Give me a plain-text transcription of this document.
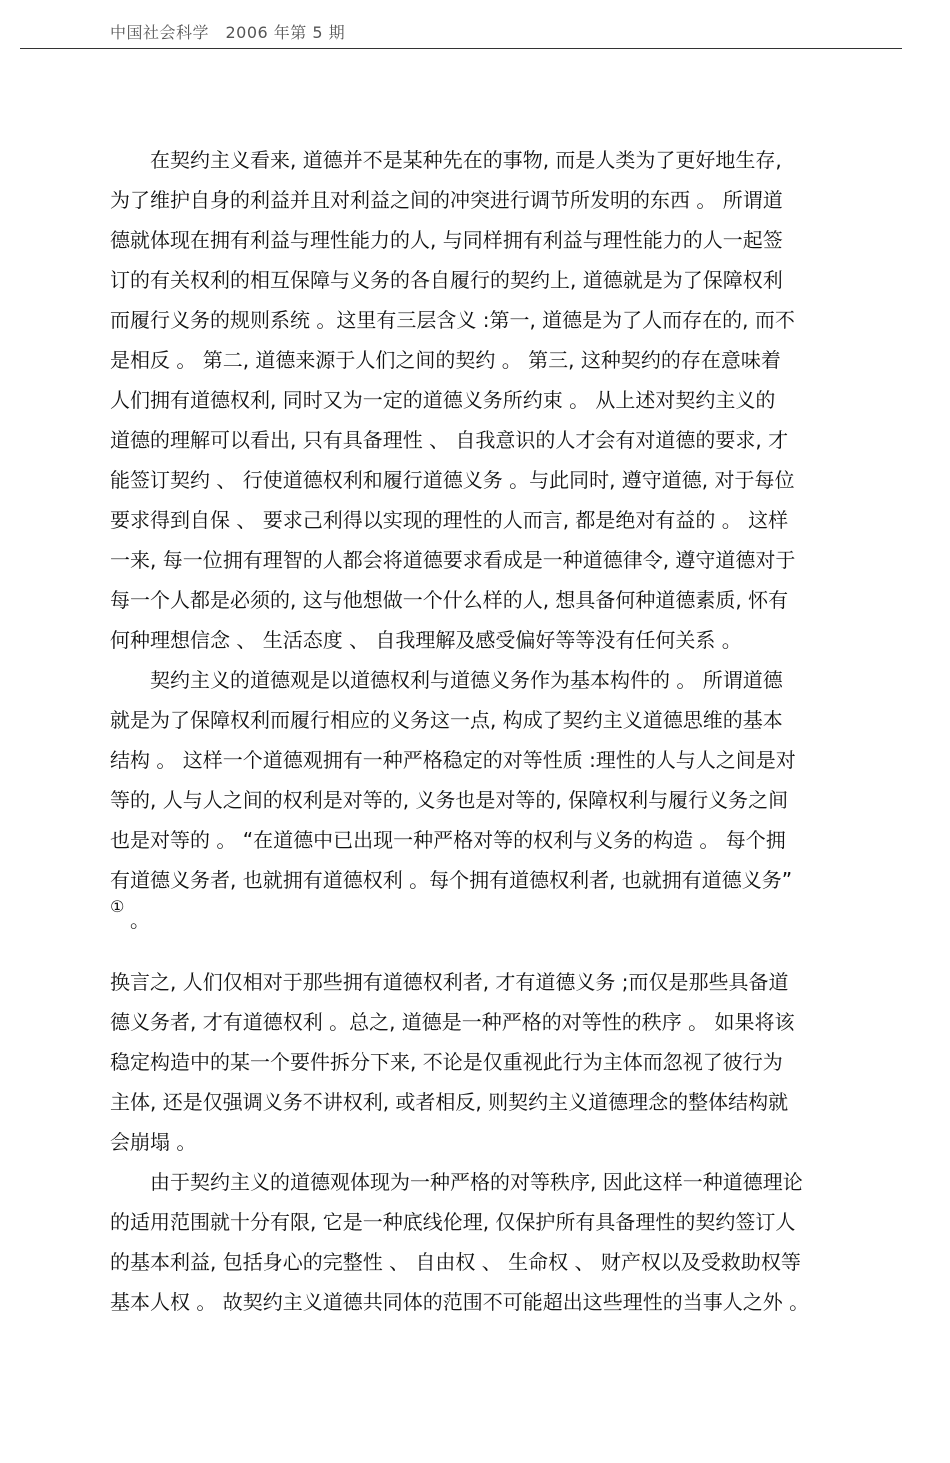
中国社会科学　2006 年第 5 期
在契约主义看来, 道德并不是某种先在的事物, 而是人类为了更好地生存,
为了维护自身的利益并且对利益之间的冲突进行调节所发明的东西 。 所谓道
德就体现在拥有利益与理性能力的人, 与同样拥有利益与理性能力的人一起签
订的有关权利的相互保障与义务的各自履行的契约上, 道德就是为了保障权利
而履行义务的规则系统 。这里有三层含义 :第一, 道德是为了人而存在的, 而不
是相反 。 第二, 道德来源于人们之间的契约 。 第三, 这种契约的存在意味着
人们拥有道德权利, 同时又为一定的道德义务所约束 。 从上述对契约主义的
道德的理解可以看出, 只有具备理性 、 自我意识的人才会有对道德的要求, 才
能签订契约 、 行使道德权利和履行道德义务 。与此同时, 遵守道德, 对于每位
要求得到自保 、 要求己利得以实现的理性的人而言, 都是绝对有益的 。 这样
一来, 每一位拥有理智的人都会将道德要求看成是一种道德律令, 遵守道德对于
每一个人都是必须的, 这与他想做一个什么样的人, 想具备何种道德素质, 怀有
何种理想信念 、 生活态度 、 自我理解及感受偏好等等没有任何关系 。
契约主义的道德观是以道德权利与道德义务作为基本构件的 。 所谓道德
就是为了保障权利而履行相应的义务这一点, 构成了契约主义道德思维的基本
结构 。 这样一个道德观拥有一种严格稳定的对等性质 :理性的人与人之间是对
等的, 人与人之间的权利是对等的, 义务也是对等的, 保障权利与履行义务之间
也是对等的 。 “在道德中已出现一种严格对等的权利与义务的构造 。 每个拥
有道德义务者, 也就拥有道德权利 。每个拥有道德权利者, 也就拥有道德义务”
①
。
换言之, 人们仅相对于那些拥有道德权利者, 才有道德义务 ;而仅是那些具备道
德义务者, 才有道德权利 。总之, 道德是一种严格的对等性的秩序 。 如果将该
稳定构造中的某一个要件拆分下来, 不论是仅重视此行为主体而忽视了彼行为
主体, 还是仅强调义务不讲权利, 或者相反, 则契约主义道德理念的整体结构就
会崩塌 。
由于契约主义的道德观体现为一种严格的对等秩序, 因此这样一种道德理论
的适用范围就十分有限, 它是一种底线伦理, 仅保护所有具备理性的契约签订人
的基本利益, 包括身心的完整性 、 自由权 、 生命权 、 财产权以及受救助权等
基本人权 。 故契约主义道德共同体的范围不可能超出这些理性的当事人之外 。
